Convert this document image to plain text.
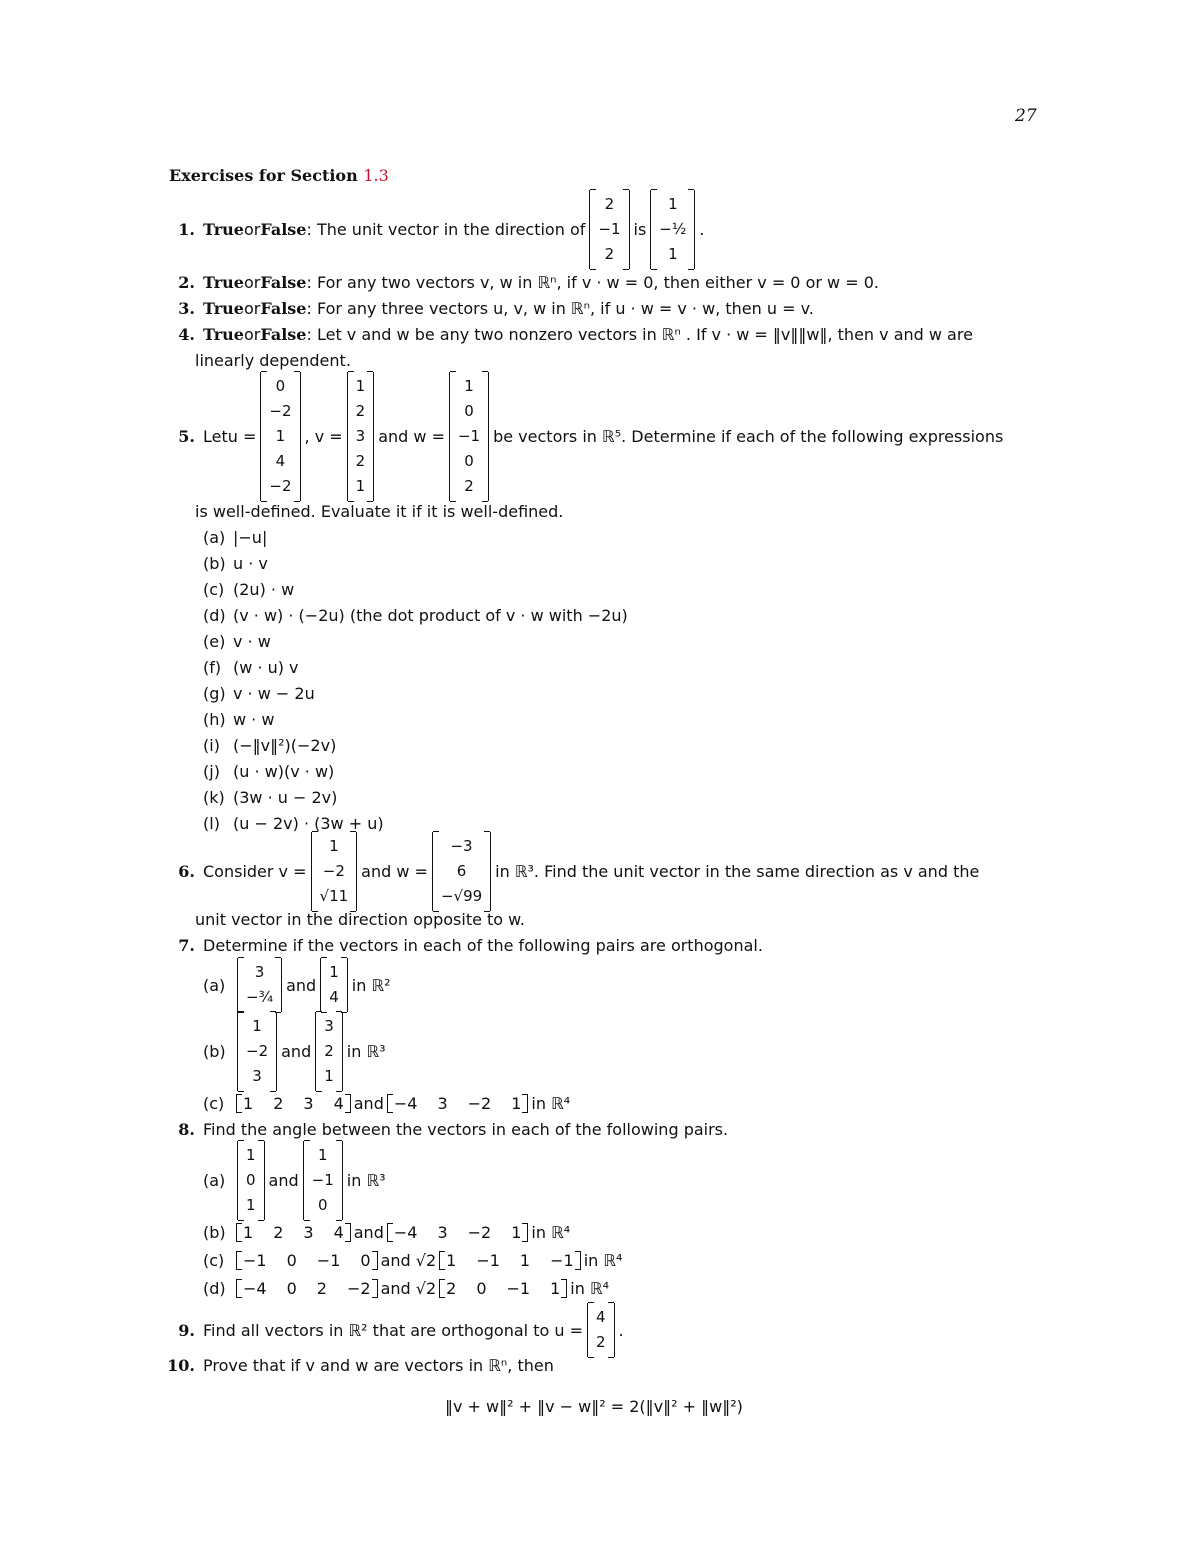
27
Exercises for Section 1.3
1. True or False : The unit vector in the direction of
2
−1
2
is
1
−½
1
.
2. True or False : For any two vectors v, w in ℝⁿ, if v · w = 0, then either v = 0 or w = 0.
3. True or False : For any three vectors u, v, w in ℝⁿ, if u · w = v · w, then u = v.
4. True or False : Let v and w be any two nonzero vectors in ℝⁿ . If v · w = ‖v‖‖w‖, then v and w are
linearly dependent.
5. Let u =
0
−2
1
4
−2
, v =
1
2
3
2
1
and w =
1
0
−1
0
2
be vectors in ℝ⁵. Determine if each of the following expressions
is well-defined. Evaluate it if it is well-defined.
(a) |−u|
(b) u · v
(c) (2u) · w
(d) (v · w) · (−2u) (the dot product of v · w with −2u)
(e) v · w
(f) (w · u) v
(g) v · w − 2u
(h) w · w
(i) (−‖v‖²)(−2v)
(j) (u · w)(v · w)
(k) (3w · u − 2v)
(l) (u − 2v) · (3w + u)
6. Consider v =
1
−2
√11
and w =
−3
6
−√99
in ℝ³. Find the unit vector in the same direction as v and the
unit vector in the direction opposite to w.
7. Determine if the vectors in each of the following pairs are orthogonal.
(a)
3
−¾
and
1
4
in ℝ²
(b)
1
−2
3
and
3
2
1
in ℝ³
(c)	1 2 3 4 and −4 3 −2 1 in ℝ⁴
8. Find the angle between the vectors in each of the following pairs.
(a)
1
0
1
and
1
−1
0
in ℝ³
(b)	1 2 3 4 and −4 3 −2 1 in ℝ⁴
(c)	−1 0 −1 0 and √2 1 −1 1 −1 in ℝ⁴
(d)	−4 0 2 −2 and √2 2 0 −1 1 in ℝ⁴
9. Find all vectors in ℝ² that are orthogonal to u =
4
2
.
10. Prove that if v and w are vectors in ℝⁿ, then
‖v + w‖² + ‖v − w‖² = 2(‖v‖² + ‖w‖²)
